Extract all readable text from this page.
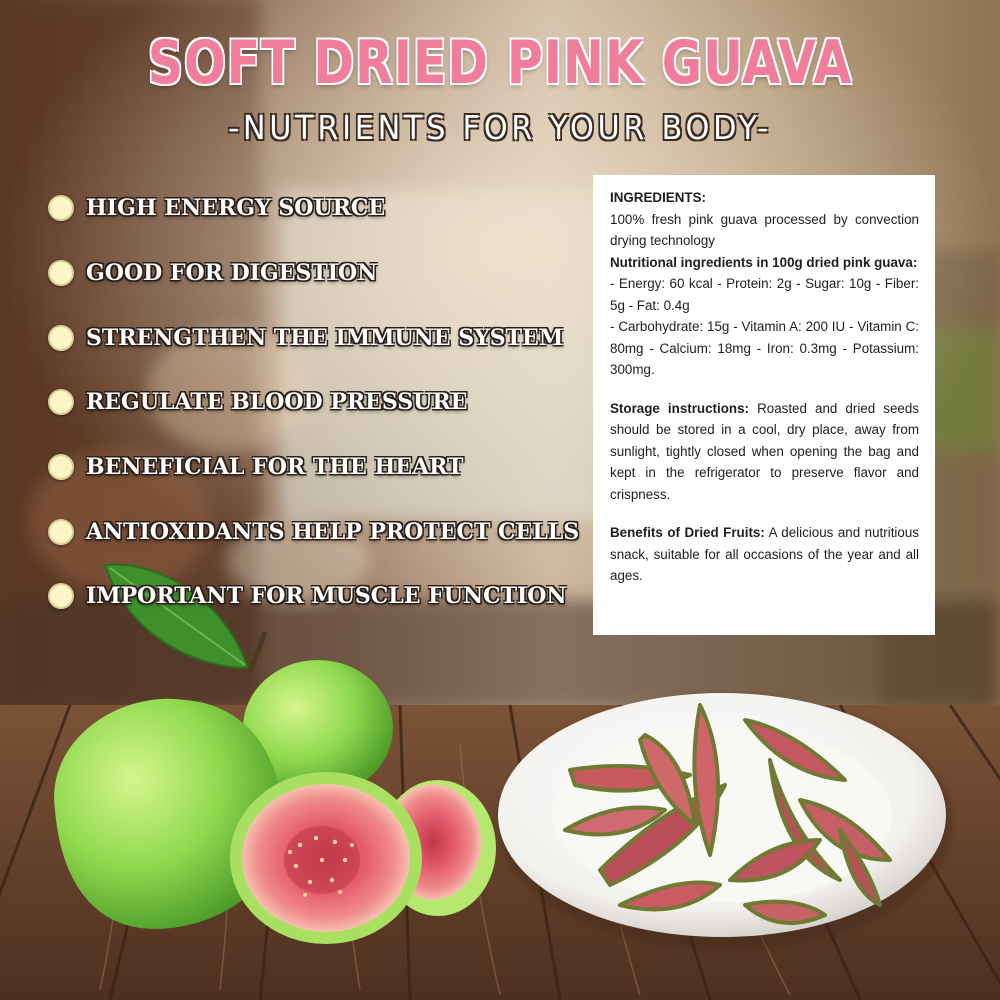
SOFT DRIED PINK GUAVA
-NUTRIENTS FOR YOUR BODY-
HIGH ENERGY SOURCE
GOOD FOR DIGESTION
STRENGTHEN THE IMMUNE SYSTEM
REGULATE BLOOD PRESSURE
BENEFICIAL FOR THE HEART
ANTIOXIDANTS HELP PROTECT CELLS
IMPORTANT FOR MUSCLE FUNCTION

INGREDIENTS:

100% fresh pink guava processed by convection drying technology

Nutritional ingredients in 100g dried pink guava:

- Energy: 60 kcal - Protein: 2g - Sugar: 10g - Fiber: 5g - Fat: 0.4g

- Carbohydrate: 15g - Vitamin A: 200 IU - Vitamin C: 80mg - Calcium: 18mg - Iron: 0.3mg - Potassium: 300mg.

Storage instructions: Roasted and dried seeds should be stored in a cool, dry place, away from sunlight, tightly closed when opening the bag and kept in the refrigerator to preserve flavor and crispness.

Benefits of Dried Fruits: A delicious and nutritious snack, suitable for all occasions of the year and all ages.
